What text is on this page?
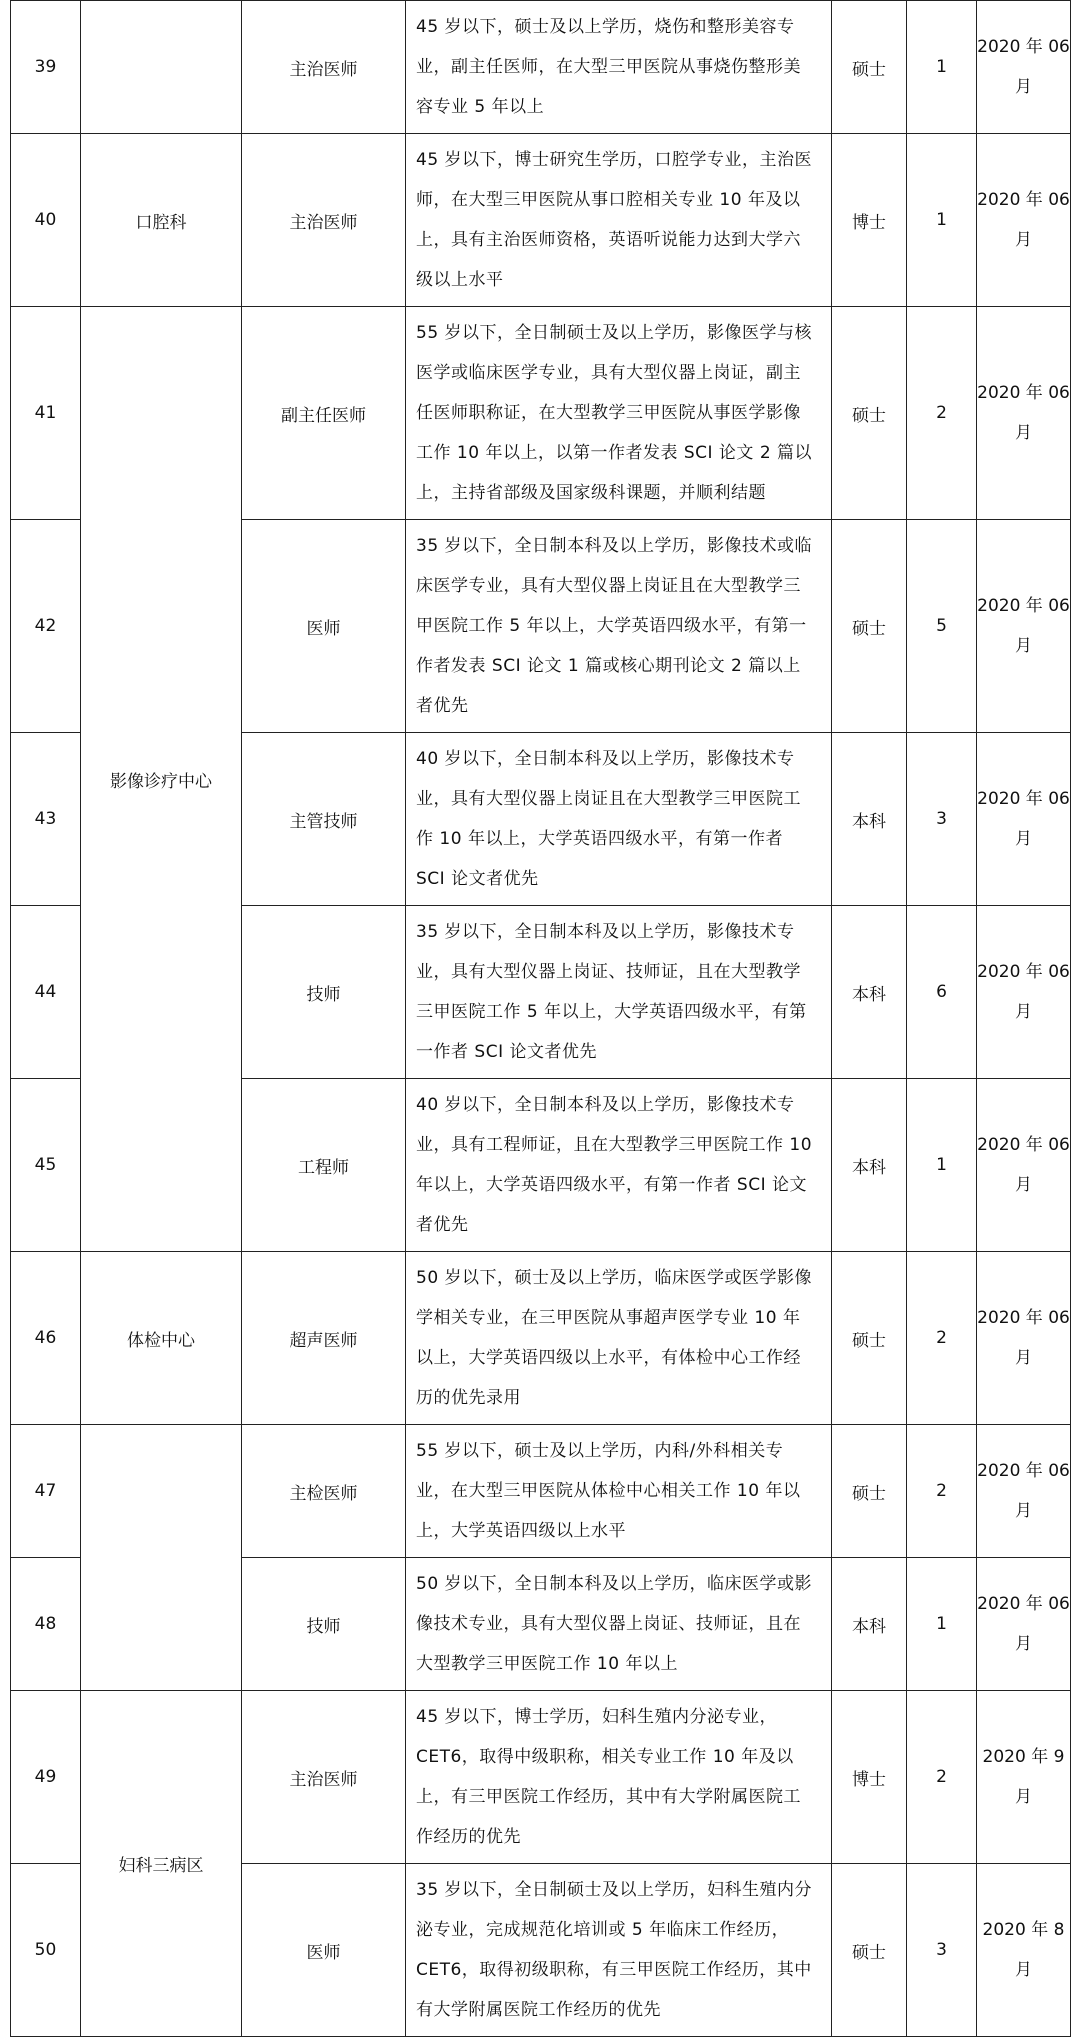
39		主治医师	45 岁以下，硕士及以上学历，烧伤和整形美容专业，副主任医师，在大型三甲医院从事烧伤整形美容专业 5 年以上	硕士	1	2020 年 06 月
40	口腔科	主治医师	45 岁以下，博士研究生学历，口腔学专业，主治医师，在大型三甲医院从事口腔相关专业 10 年及以上，具有主治医师资格，英语听说能力达到大学六级以上水平	博士	1	2020 年 06 月
41	影像诊疗中心	副主任医师	55 岁以下，全日制硕士及以上学历，影像医学与核医学或临床医学专业，具有大型仪器上岗证，副主任医师职称证，在大型教学三甲医院从事医学影像工作 10 年以上，以第一作者发表 SCI 论文 2 篇以上，主持省部级及国家级科课题，并顺利结题	硕士	2	2020 年 06 月
42		医师	35 岁以下，全日制本科及以上学历，影像技术或临床医学专业，具有大型仪器上岗证且在大型教学三甲医院工作 5 年以上，大学英语四级水平，有第一作者发表 SCI 论文 1 篇或核心期刊论文 2 篇以上者优先	硕士	5	2020 年 06 月
43		主管技师	40 岁以下，全日制本科及以上学历，影像技术专业，具有大型仪器上岗证且在大型教学三甲医院工作 10 年以上，大学英语四级水平，有第一作者 SCI 论文者优先	本科	3	2020 年 06 月
44		技师	35 岁以下，全日制本科及以上学历，影像技术专业，具有大型仪器上岗证、技师证，且在大型教学三甲医院工作 5 年以上，大学英语四级水平，有第一作者 SCI 论文者优先	本科	6	2020 年 06 月
45		工程师	40 岁以下，全日制本科及以上学历，影像技术专业，具有工程师证，且在大型教学三甲医院工作 10 年以上，大学英语四级水平，有第一作者 SCI 论文者优先	本科	1	2020 年 06 月
46	体检中心	超声医师	50 岁以下，硕士及以上学历，临床医学或医学影像学相关专业，在三甲医院从事超声医学专业 10 年以上，大学英语四级以上水平，有体检中心工作经历的优先录用	硕士	2	2020 年 06 月
47		主检医师	55 岁以下，硕士及以上学历，内科/外科相关专业，在大型三甲医院从体检中心相关工作 10 年以上，大学英语四级以上水平	硕士	2	2020 年 06 月
48		技师	50 岁以下，全日制本科及以上学历，临床医学或影像技术专业，具有大型仪器上岗证、技师证，且在大型教学三甲医院工作 10 年以上	本科	1	2020 年 06 月
49	妇科三病区	主治医师	45 岁以下，博士学历，妇科生殖内分泌专业，CET6，取得中级职称，相关专业工作 10 年及以上，有三甲医院工作经历，其中有大学附属医院工作经历的优先	博士	2	2020 年 9 月
50		医师	35 岁以下，全日制硕士及以上学历，妇科生殖内分泌专业，完成规范化培训或 5 年临床工作经历，CET6，取得初级职称，有三甲医院工作经历，其中有大学附属医院工作经历的优先	硕士	3	2020 年 8 月
